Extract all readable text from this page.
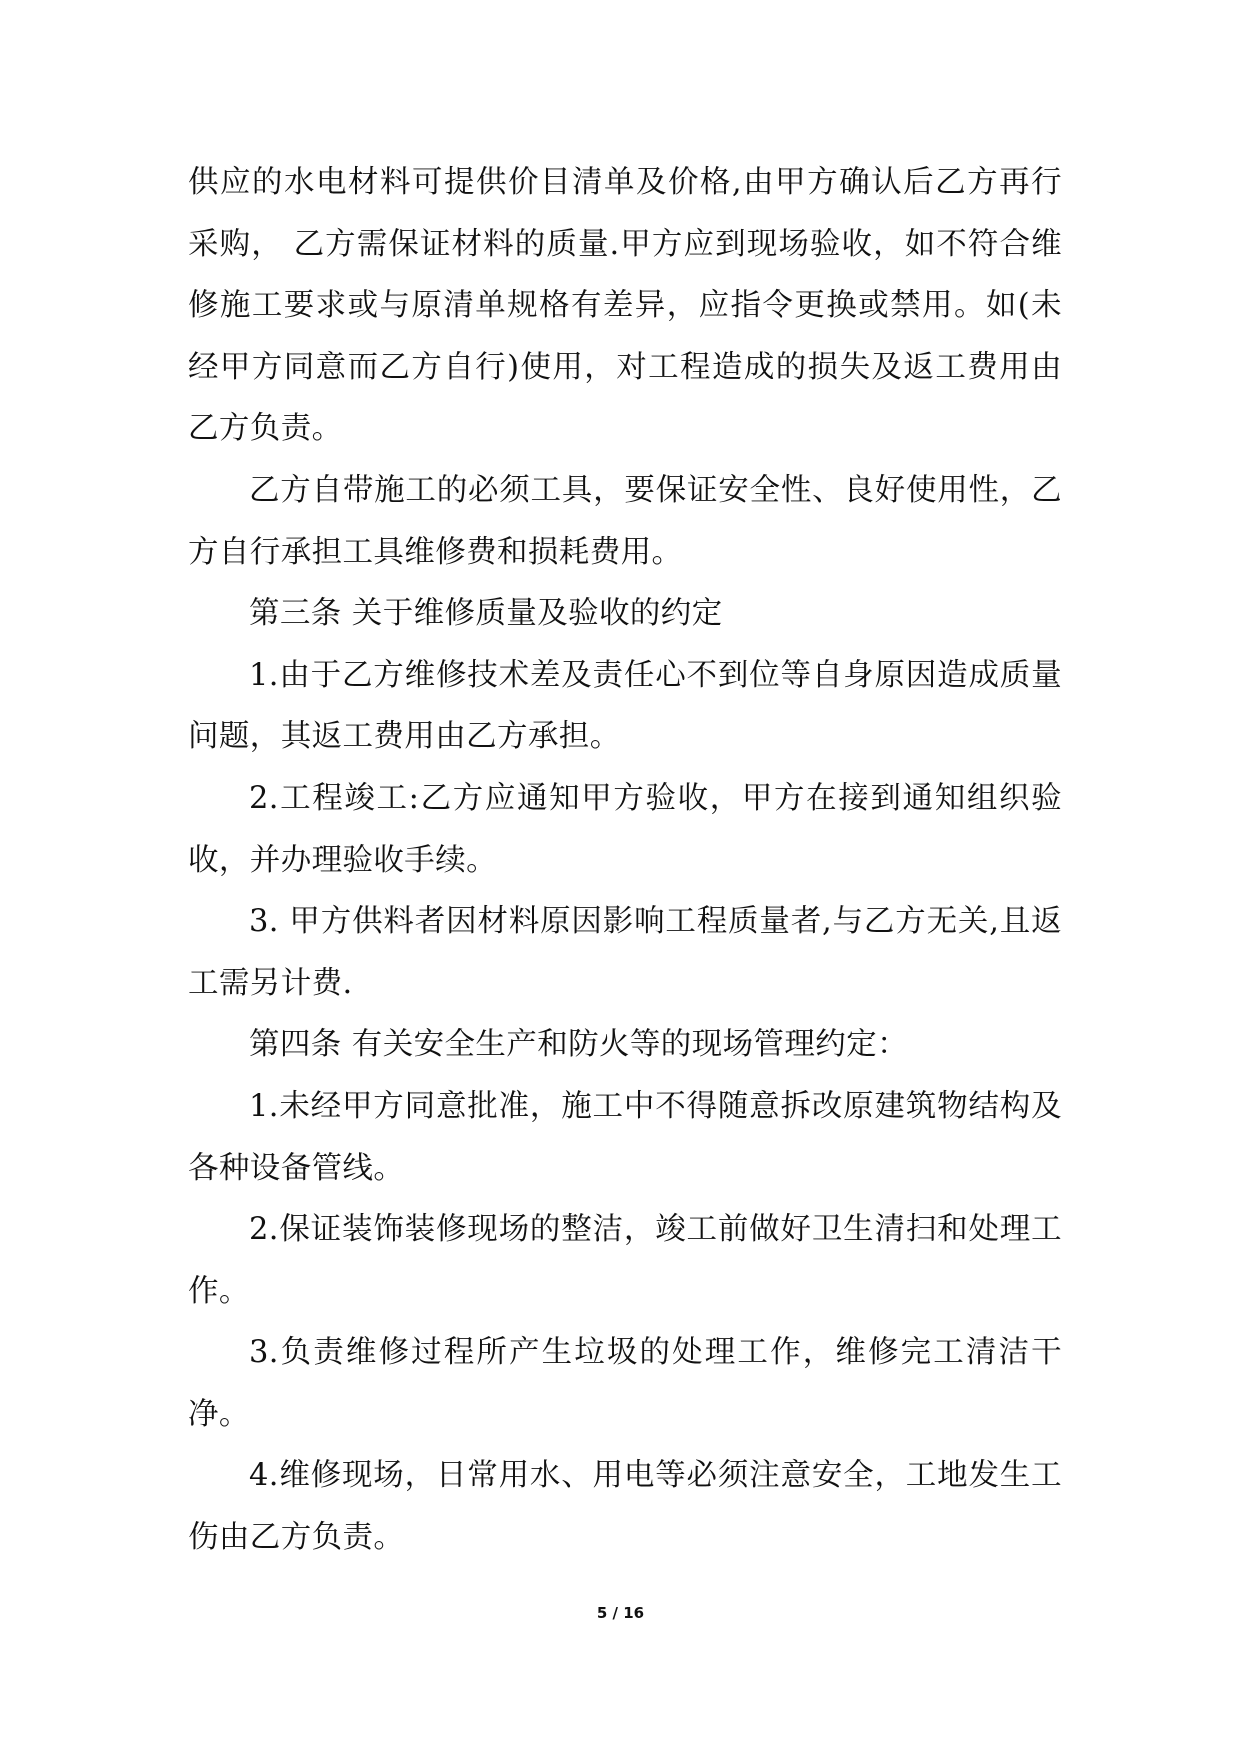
供应的水电材料可提供价目清单及价格,由甲方确认后乙方再行采购， 乙方需保证材料的质量.甲方应到现场验收，如不符合维修施工要求或与原清单规格有差异，应指令更换或禁用。如(未经甲方同意而乙方自行)使用，对工程造成的损失及返工费用由乙方负责。

乙方自带施工的必须工具，要保证安全性、良好使用性，乙方自行承担工具维修费和损耗费用。

第三条 关于维修质量及验收的约定

1.由于乙方维修技术差及责任心不到位等自身原因造成质量问题，其返工费用由乙方承担。

2.工程竣工:乙方应通知甲方验收，甲方在接到通知组织验收，并办理验收手续。

3. 甲方供料者因材料原因影响工程质量者,与乙方无关,且返工需另计费.

第四条 有关安全生产和防火等的现场管理约定：

1.未经甲方同意批准，施工中不得随意拆改原建筑物结构及各种设备管线。

2.保证装饰装修现场的整洁，竣工前做好卫生清扫和处理工作。

3.负责维修过程所产生垃圾的处理工作，维修完工清洁干净。

4.维修现场，日常用水、用电等必须注意安全，工地发生工伤由乙方负责。

5 / 16
